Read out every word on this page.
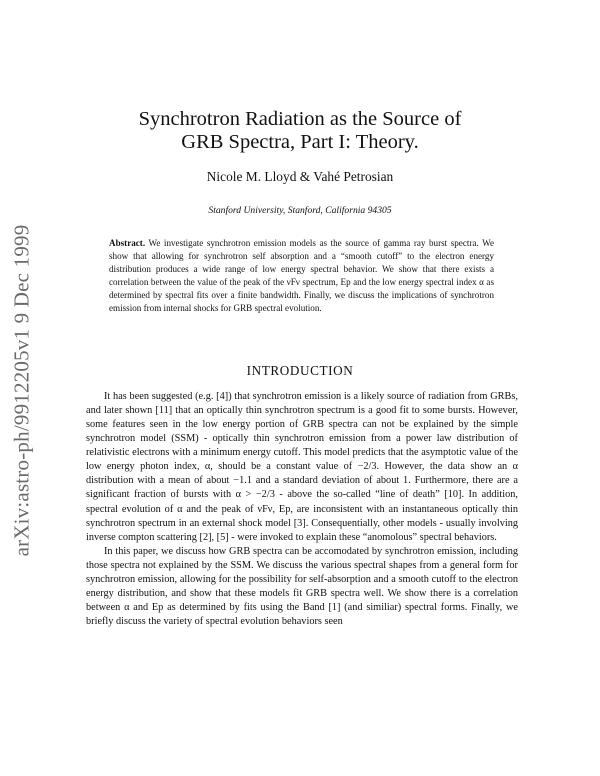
arXiv:astro-ph/9912205v1 9 Dec 1999
Synchrotron Radiation as the Source of
GRB Spectra, Part I: Theory.

Nicole M. Lloyd & Vahé Petrosian

Stanford University, Stanford, California 94305

Abstract. We investigate synchrotron emission models as the source of gamma ray burst spectra. We show that allowing for synchrotron self absorption and a “smooth cutoff” to the electron energy distribution produces a wide range of low energy spectral behavior. We show that there exists a correlation between the value of the peak of the νFν spectrum, Ep and the low energy spectral index α as determined by spectral fits over a finite bandwidth. Finally, we discuss the implications of synchrotron emission from internal shocks for GRB spectral evolution.

INTRODUCTION

It has been suggested (e.g. [4]) that synchrotron emission is a likely source of radiation from GRBs, and later shown [11] that an optically thin synchrotron spectrum is a good fit to some bursts. However, some features seen in the low energy portion of GRB spectra can not be explained by the simple synchrotron model (SSM) - optically thin synchrotron emission from a power law distribution of relativistic electrons with a minimum energy cutoff. This model predicts that the asymptotic value of the low energy photon index, α, should be a constant value of −2/3. However, the data show an α distribution with a mean of about −1.1 and a standard deviation of about 1. Furthermore, there are a significant fraction of bursts with α > −2/3 - above the so-called “line of death” [10]. In addition, spectral evolution of α and the peak of νFν, Ep, are inconsistent with an instantaneous optically thin synchrotron spectrum in an external shock model [3]. Consequentially, other models - usually involving inverse compton scattering [2], [5] - were invoked to explain these “anomolous” spectral behaviors.

In this paper, we discuss how GRB spectra can be accomodated by synchrotron emission, including those spectra not explained by the SSM. We discuss the various spectral shapes from a general form for synchrotron emission, allowing for the possibility for self-absorption and a smooth cutoff to the electron energy distribution, and show that these models fit GRB spectra well. We show there is a correlation between α and Ep as determined by fits using the Band [1] (and similiar) spectral forms. Finally, we briefly discuss the variety of spectral evolution behaviors seen
